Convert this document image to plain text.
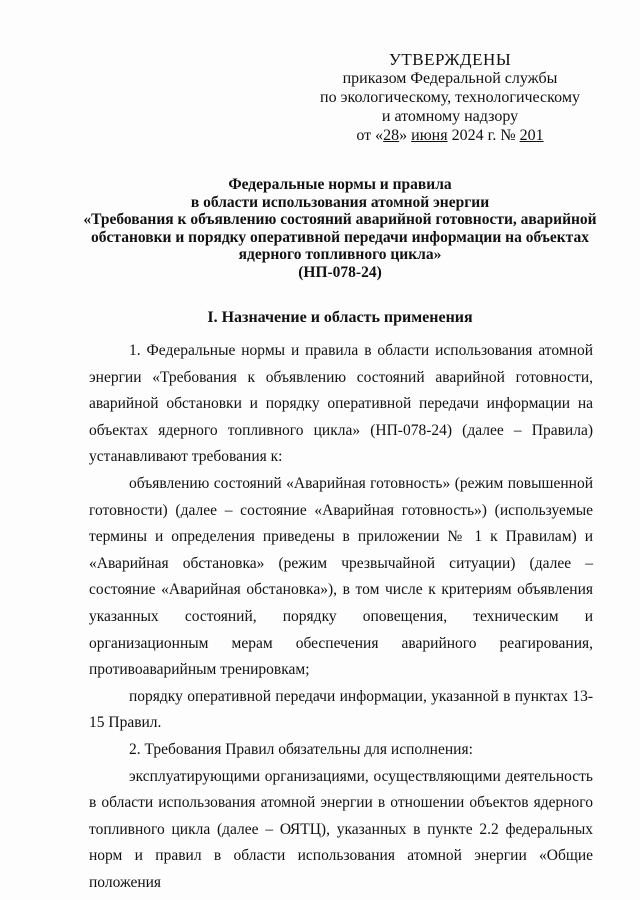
УТВЕРЖДЕНЫ
приказом Федеральной службы
по экологическому, технологическому
и атомному надзору
от «28» июня 2024 г. № 201
Федеральные нормы и правила
в области использования атомной энергии
«Требования к объявлению состояний аварийной готовности, аварийной
обстановки и порядку оперативной передачи информации на объектах
ядерного топливного цикла»
(НП-078-24)
I. Назначение и область применения

1. Федеральные нормы и правила в области использования атомной энергии «Требования к объявлению состояний аварийной готовности, аварийной обстановки и порядку оперативной передачи информации на объектах ядерного топливного цикла» (НП-078-24) (далее – Правила) устанавливают требования к:

объявлению состояний «Аварийная готовность» (режим повышенной готовности) (далее – состояние «Аварийная готовность») (используемые термины и определения приведены в приложении № 1 к Правилам) и «Аварийная обстановка» (режим чрезвычайной ситуации) (далее – состояние «Аварийная обстановка»), в том числе к критериям объявления указанных состояний, порядку оповещения, техническим и организационным мерам обеспечения аварийного реагирования, противоаварийным тренировкам;

порядку оперативной передачи информации, указанной в пунктах 13-15 Правил.

2. Требования Правил обязательны для исполнения:

эксплуатирующими организациями, осуществляющими деятельность в области использования атомной энергии в отношении объектов ядерного топливного цикла (далее – ОЯТЦ), указанных в пункте 2.2 федеральных норм и правил в области использования атомной энергии «Общие положения
